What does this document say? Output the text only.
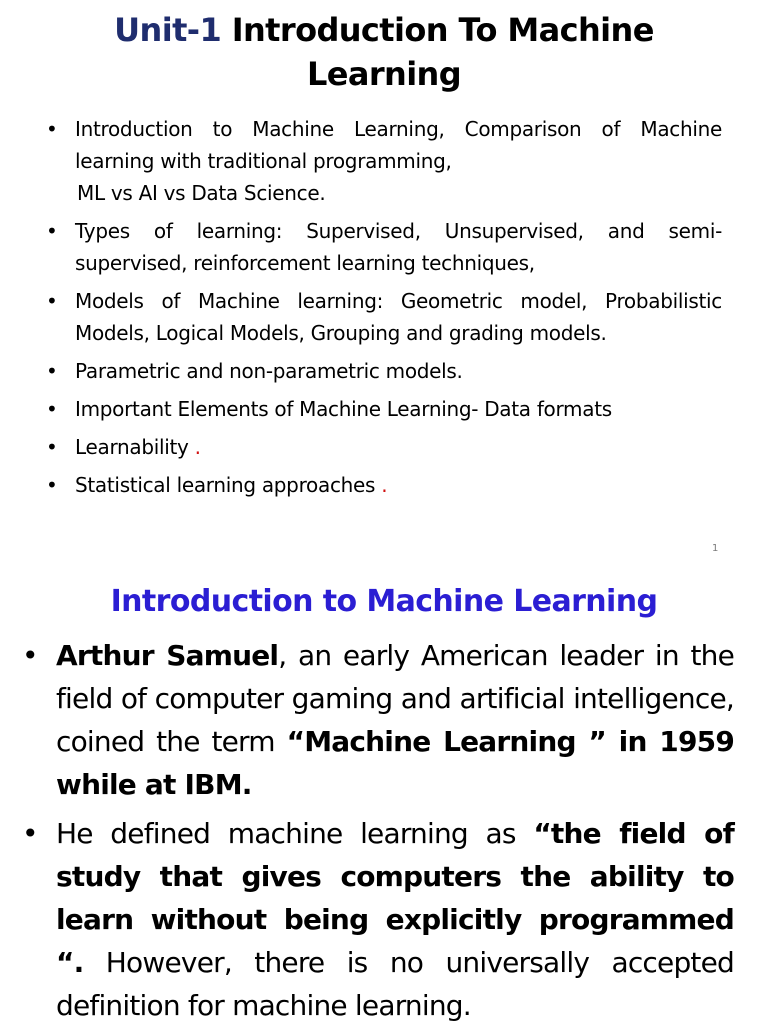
Unit-1 Introduction To Machine Learning
• Introduction to Machine Learning, Comparison of Machine learning with traditional programming,
ML vs AI vs Data Science.
• Types of learning: Supervised, Unsupervised, and semi-supervised, reinforcement learning techniques,
• Models of Machine learning: Geometric model, Probabilistic Models, Logical Models, Grouping and grading models.
• Parametric and non-parametric models.
• Important Elements of Machine Learning- Data formats
• Learnability .
• Statistical learning approaches .
1
Introduction to Machine Learning
• Arthur Samuel, an early American leader in the field of computer gaming and artificial intelligence, coined the term “Machine Learning ” in 1959 while at IBM.
• He defined machine learning as “the field of study that gives computers the ability to learn without being explicitly programmed “. However, there is no universally accepted definition for machine learning.
